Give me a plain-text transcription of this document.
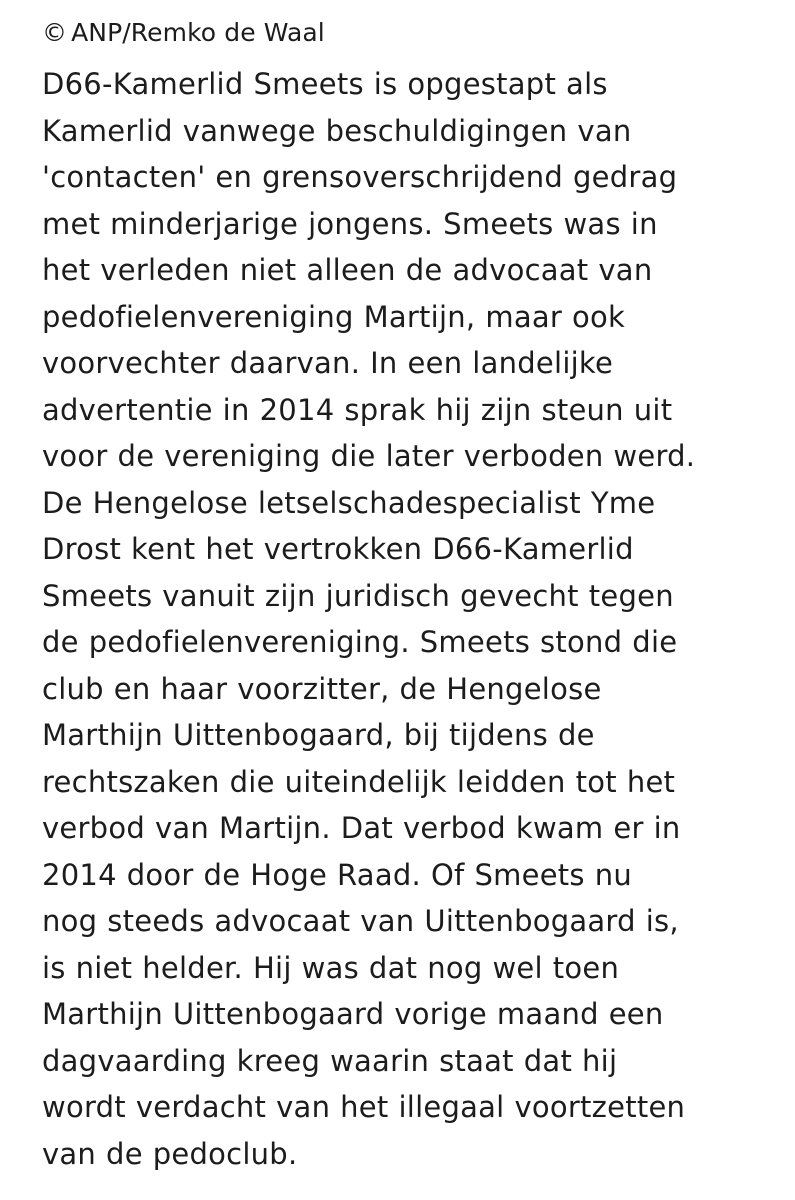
© ANP/Remko de Waal
D66-Kamerlid Smeets is opgestapt als
Kamerlid vanwege beschuldigingen van
'contacten' en grensoverschrijdend gedrag
met minderjarige jongens. Smeets was in
het verleden niet alleen de advocaat van
pedofielenvereniging Martijn, maar ook
voorvechter daarvan. In een landelijke
advertentie in 2014 sprak hij zijn steun uit
voor de vereniging die later verboden werd.
De Hengelose letselschadespecialist Yme
Drost kent het vertrokken D66-Kamerlid
Smeets vanuit zijn juridisch gevecht tegen
de pedofielenvereniging. Smeets stond die
club en haar voorzitter, de Hengelose
Marthijn Uittenbogaard, bij tijdens de
rechtszaken die uiteindelijk leidden tot het
verbod van Martijn. Dat verbod kwam er in
2014 door de Hoge Raad. Of Smeets nu
nog steeds advocaat van Uittenbogaard is,
is niet helder. Hij was dat nog wel toen
Marthijn Uittenbogaard vorige maand een
dagvaarding kreeg waarin staat dat hij
wordt verdacht van het illegaal voortzetten
van de pedoclub.
